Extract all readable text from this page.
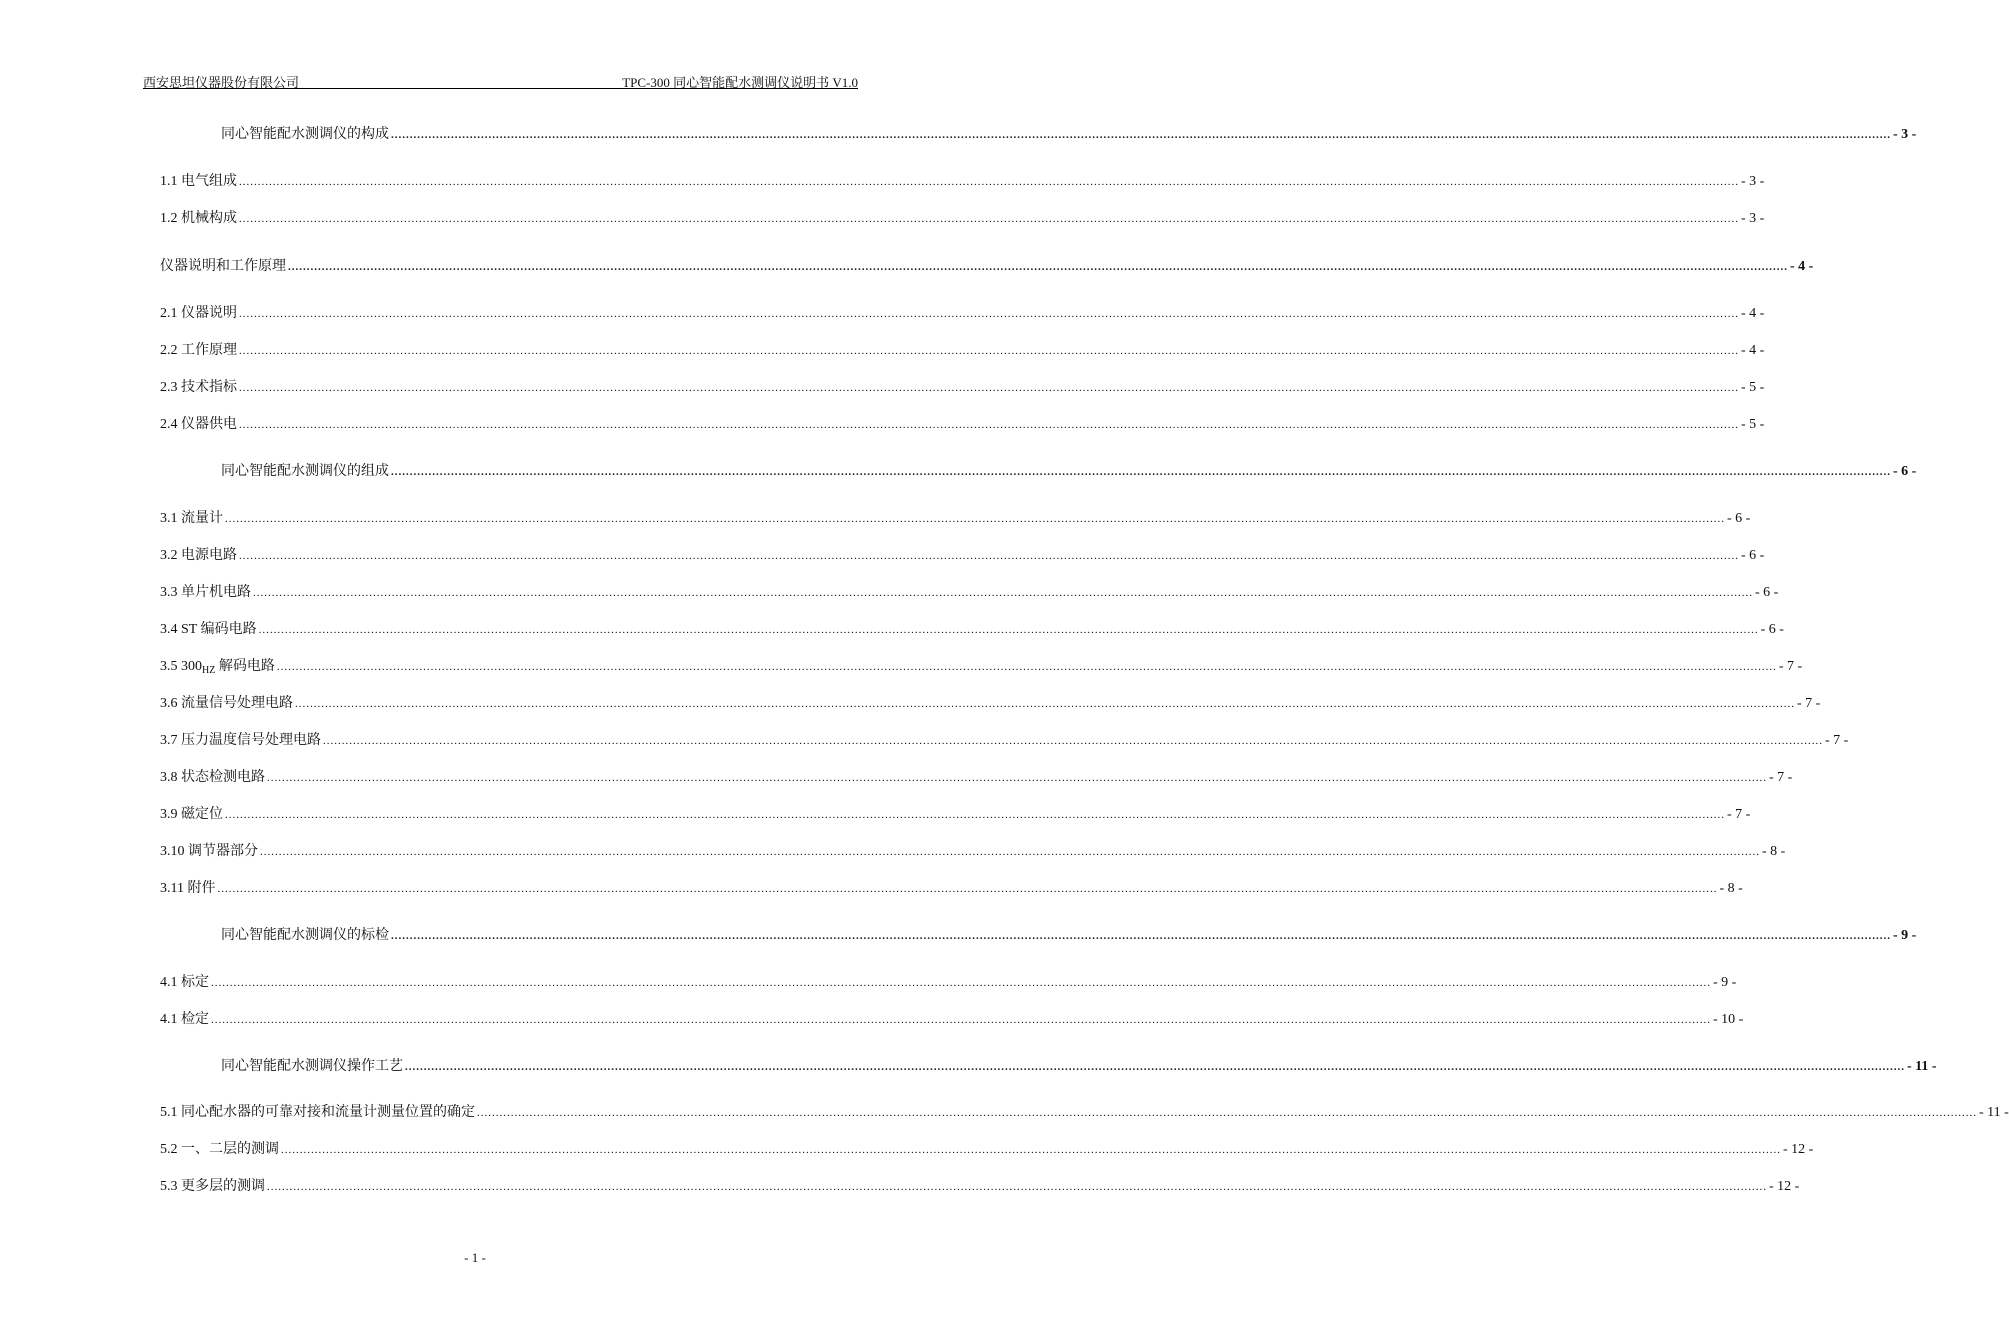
西安思坦仪器股份有限公司	TPC-300 同心智能配水测调仪说明书 V1.0
同心智能配水测调仪的构成 ................................................................................................................................................................................................................................................................................................................................................................................................................ - 3 -
1.1 电气组成 ................................................................................................................................................................................................................................................................................................................................................................................................................ - 3 -
1.2 机械构成 ................................................................................................................................................................................................................................................................................................................................................................................................................ - 3 -
仪器说明和工作原理 ................................................................................................................................................................................................................................................................................................................................................................................................................ - 4 -
2.1 仪器说明 ................................................................................................................................................................................................................................................................................................................................................................................................................ - 4 -
2.2 工作原理 ................................................................................................................................................................................................................................................................................................................................................................................................................ - 4 -
2.3 技术指标 ................................................................................................................................................................................................................................................................................................................................................................................................................ - 5 -
2.4 仪器供电 ................................................................................................................................................................................................................................................................................................................................................................................................................ - 5 -
同心智能配水测调仪的组成 ................................................................................................................................................................................................................................................................................................................................................................................................................ - 6 -
3.1 流量计 ................................................................................................................................................................................................................................................................................................................................................................................................................ - 6 -
3.2 电源电路 ................................................................................................................................................................................................................................................................................................................................................................................................................ - 6 -
3.3 单片机电路 ................................................................................................................................................................................................................................................................................................................................................................................................................ - 6 -
3.4 ST 编码电路 ................................................................................................................................................................................................................................................................................................................................................................................................................ - 6 -
3.5 $300_{HZ}$ 解码电路 ................................................................................................................................................................................................................................................................................................................................................................................................................ - 7 -
3.6 流量信号处理电路 ................................................................................................................................................................................................................................................................................................................................................................................................................ - 7 -
3.7 压力温度信号处理电路 ................................................................................................................................................................................................................................................................................................................................................................................................................ - 7 -
3.8 状态检测电路 ................................................................................................................................................................................................................................................................................................................................................................................................................ - 7 -
3.9 磁定位 ................................................................................................................................................................................................................................................................................................................................................................................................................ - 7 -
3.10 调节器部分 ................................................................................................................................................................................................................................................................................................................................................................................................................ - 8 -
3.11 附件 ................................................................................................................................................................................................................................................................................................................................................................................................................ - 8 -
同心智能配水测调仪的标检 ................................................................................................................................................................................................................................................................................................................................................................................................................ - 9 -
4.1 标定 ................................................................................................................................................................................................................................................................................................................................................................................................................ - 9 -
4.1 检定 ................................................................................................................................................................................................................................................................................................................................................................................................................ - 10 -
同心智能配水测调仪操作工艺 ................................................................................................................................................................................................................................................................................................................................................................................................................ - 11 -
5.1 同心配水器的可靠对接和流量计测量位置的确定 ................................................................................................................................................................................................................................................................................................................................................................................................................ - 11 -
5.2 一、二层的测调 ................................................................................................................................................................................................................................................................................................................................................................................................................ - 12 -
5.3 更多层的测调 ................................................................................................................................................................................................................................................................................................................................................................................................................ - 12 -
- 1 -
